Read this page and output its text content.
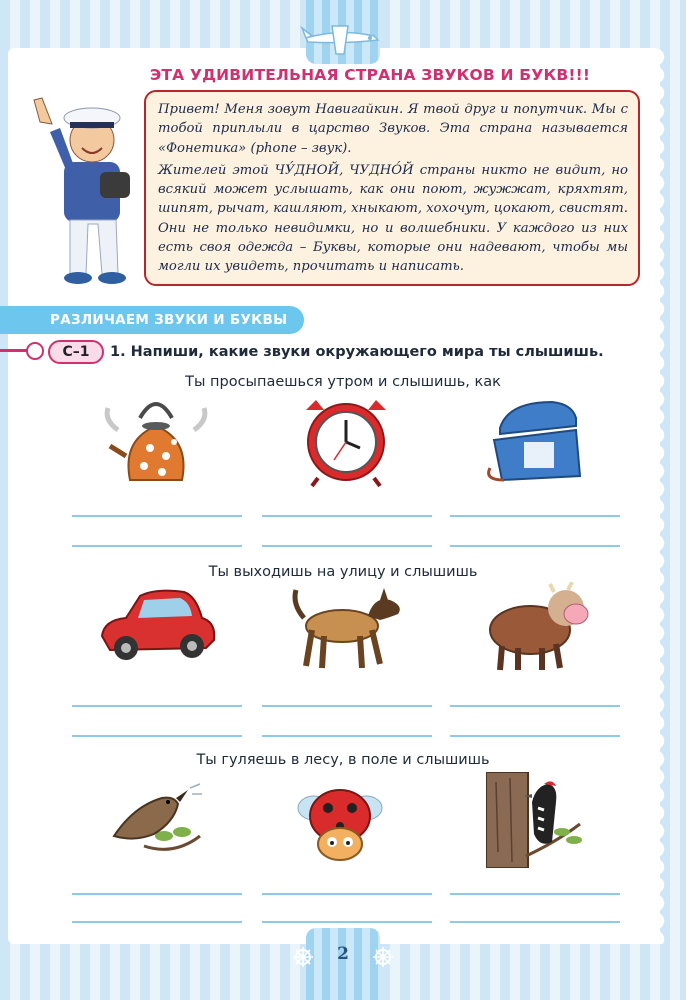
2
ЭТА УДИВИТЕЛЬНАЯ СТРАНА ЗВУКОВ И БУКВ!!!

Привет! Меня зовут Навигайкин. Я твой друг и попутчик. Мы с тобой приплыли в царство Звуков. Эта страна называется «Фонетика» (phone – звук).

Жителей этой ЧУ́ДНОЙ, ЧУДНО́Й страны никто не видит, но всякий может услышать, как они поют, жужжат, кряхтят, шипят, рычат, кашляют, хныкают, хохочут, цокают, свистят. Они не только невидимки, но и волшебники. У каждого из них есть своя одежда – Буквы, которые они надевают, чтобы мы могли их увидеть, прочитать и написать.

РАЗЛИЧАЕМ ЗВУКИ И БУКВЫ
С–1	1. Напиши, какие звуки окружающего мира ты слышишь.
Ты просыпаешься утром и слышишь, как
Ты выходишь на улицу и слышишь
Ты гуляешь в лесу, в поле и слышишь
